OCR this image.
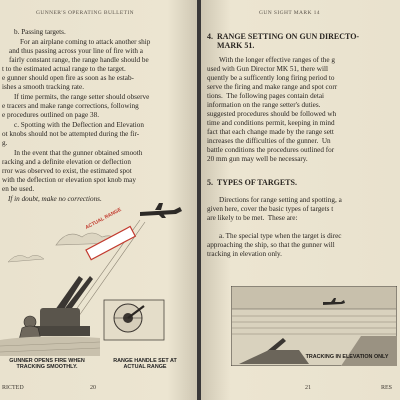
GUNNER'S OPERATING BULLETIN
b. Passing targets.
For an airplane coming to attack another ship
and thus passing across your line of fire with a
fairly constant range, the range handle should be
t to the estimated actual range to the target.
e gunner should open fire as soon as he estab-
ishes a smooth tracking rate.
If time permits, the range setter should observe
e tracers and make range corrections, following
e procedures outlined on page 38.
c. Spotting with the Deflection and Elevation
ot knobs should not be attempted during the fir-
g.
In the event that the gunner obtained smooth
racking and a definite elevation or deflection
rror was observed to exist, the estimated spot
with the deflection or elevation spot knob may
en be used.
If in doubt, make no corrections.
ACTUAL RANGE
GUNNER OPENS FIRE WHEN
TRACKING SMOOTHLY.
RANGE HANDLE SET AT
ACTUAL RANGE
RICTED	20
GUN SIGHT MARK 14
4.  RANGE SETTING ON GUN DIRECTO-
MARK 51.
With the longer effective ranges of the g
used with Gun Director MK 51, there will
quently be a sufficently long firing period to
serve the firing and make range and spot corr
tions.  The following pages contain detai
information on the range setter's duties.
suggested procedures should be followed wh
time and conditions permit, keeping in mind
fact that each change made by the range sett
increases the difficulties of the gunner.  Un
battle conditions the procedures outlined for
20 mm gun may well be necessary.
5.  TYPES OF TARGETS.
Directions for range setting and spotting, a
given here, cover the basic types of targets t
are likely to be met.  These are:
a. The special type when the target is direc
approaching the ship, so that the gunner will
tracking in elevation only.
TRACKING IN ELEVATION ONLY
21	RES
